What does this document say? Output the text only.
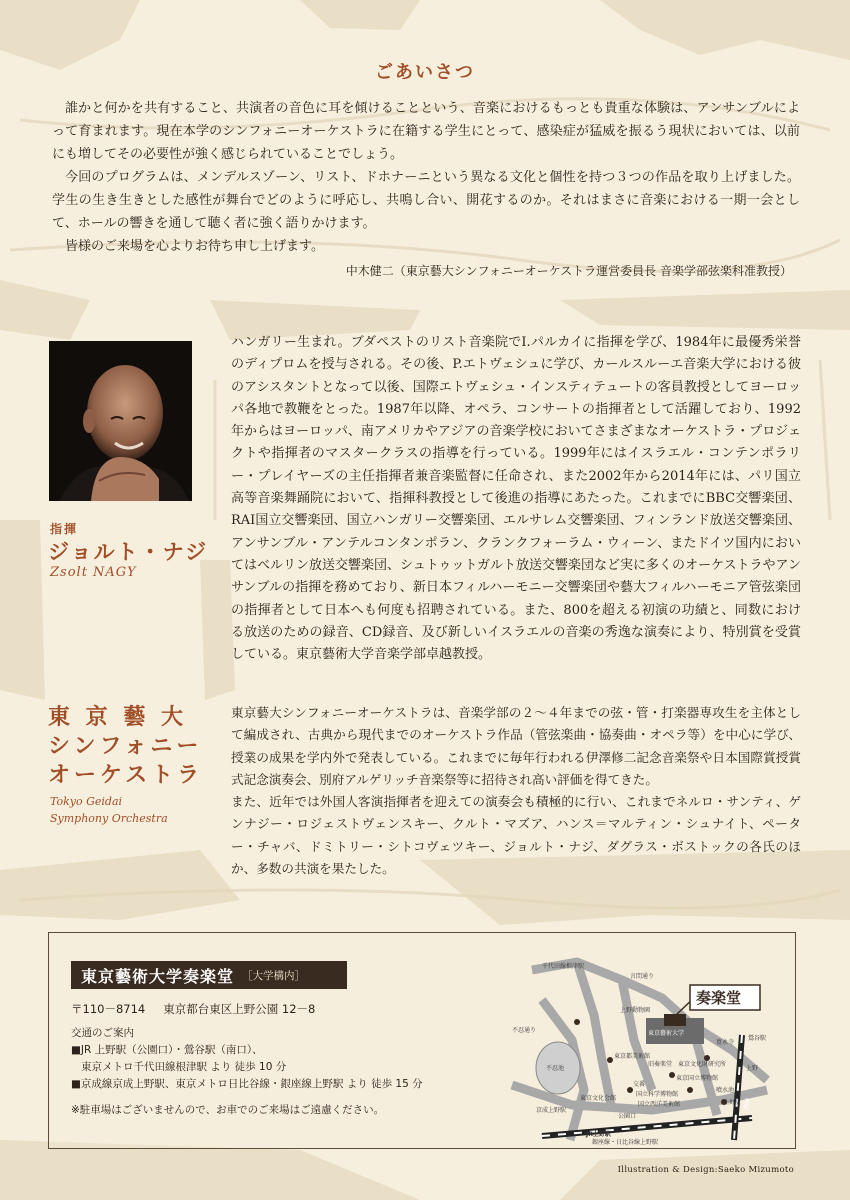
ごあいさつ

誰かと何かを共有すること、共演者の音色に耳を傾けることという、音楽におけるもっとも貴重な体験は、アンサンブルによって育まれます。現在本学のシンフォニーオーケストラに在籍する学生にとって、感染症が猛威を振るう現状においては、以前にも増してその必要性が強く感じられていることでしょう。

今回のプログラムは、メンデルスゾーン、リスト、ドホナーニという異なる文化と個性を持つ３つの作品を取り上げました。学生の生き生きとした感性が舞台でどのように呼応し、共鳴し合い、開花するのか。それはまさに音楽における一期一会として、ホールの響きを通して聴く者に強く語りかけます。

皆様のご来場を心よりお待ち申し上げます。

中木健二（東京藝大シンフォニーオーケストラ運営委員長 音楽学部弦楽科准教授）
指揮
ジョルト・ナジ
Zsolt NAGY

ハンガリー生まれ。ブダペストのリスト音楽院でI.パルカイに指揮を学び、1984年に最優秀栄誉のディプロムを授与される。その後、P.エトヴェシュに学び、カールスルーエ音楽大学における彼のアシスタントとなって以後、国際エトヴェシュ・インスティテュートの客員教授としてヨーロッパ各地で教鞭をとった。1987年以降、オペラ、コンサートの指揮者として活躍しており、1992年からはヨーロッパ、南アメリカやアジアの音楽学校においてさまざまなオーケストラ・プロジェクトや指揮者のマスタークラスの指導を行っている。1999年にはイスラエル・コンテンポラリー・プレイヤーズの主任指揮者兼音楽監督に任命され、また2002年から2014年には、パリ国立高等音楽舞踊院において、指揮科教授として後進の指導にあたった。これまでにBBC交響楽団、RAI国立交響楽団、国立ハンガリー交響楽団、エルサレム交響楽団、フィンランド放送交響楽団、アンサンブル・アンテルコンタンポラン、クランクフォーラム・ウィーン、またドイツ国内においてはベルリン放送交響楽団、シュトゥットガルト放送交響楽団など実に多くのオーケストラやアンサンブルの指揮を務めており、新日本フィルハーモニー交響楽団や藝大フィルハーモニア管弦楽団の指揮者として日本へも何度も招聘されている。また、800を超える初演の功績と、同数における放送のための録音、CD録音、及び新しいイスラエルの音楽の秀逸な演奏により、特別賞を受賞している。東京藝術大学音楽学部卓越教授。

東 京 藝 大
シンフォニー
オーケストラ
Tokyo Geidai
Symphony Orchestra

東京藝大シンフォニーオーケストラは、音楽学部の２〜４年までの弦・管・打楽器専攻生を主体として編成され、古典から現代までのオーケストラ作品（管弦楽曲・協奏曲・オペラ等）を中心に学び、授業の成果を学内外で発表している。これまでに毎年行われる伊澤修二記念音楽祭や日本国際賞授賞式記念演奏会、別府アルゲリッチ音楽祭等に招待され高い評価を得てきた。

また、近年では外国人客演指揮者を迎えての演奏会も積極的に行い、これまでネルロ・サンティ、ゲンナジー・ロジェストヴェンスキー、クルト・マズア、ハンス＝マルティン・シュナイト、ペーター・チャバ、ドミトリー・シトコヴェツキー、ジョルト・ナジ、ダグラス・ボストックの各氏のほか、多数の共演を果たした。

東京藝術大学奏楽堂 ［大学構内］
〒110－8714 東京都台東区上野公園 12－8
交通のご案内
■JR 上野駅（公園口）・鶯谷駅（南口）、
東京メトロ千代田線根津駅 より 徒歩 10 分
■京成線京成上野駅、東京メトロ日比谷線・銀座線上野駅 より 徒歩 15 分
※駐車場はございませんので、お車でのご来場はご遠慮ください。
千代田線根津駅
言問通り
不忍通り
上野動物園
東京藝術大学
不忍池
東京都美術館
旧奏楽堂 東京文化財研究所
交番
東京国立博物館
国立科学博物館
国立西洋美術館
東京文化会館
京成上野駅
公園口
JR上野駅
銀座線・日比谷線上野駅
鶯谷駅
噴水池
上野
寛永寺
上野駅 JR線
奏楽堂
Illustration & Design:Saeko Mizumoto
